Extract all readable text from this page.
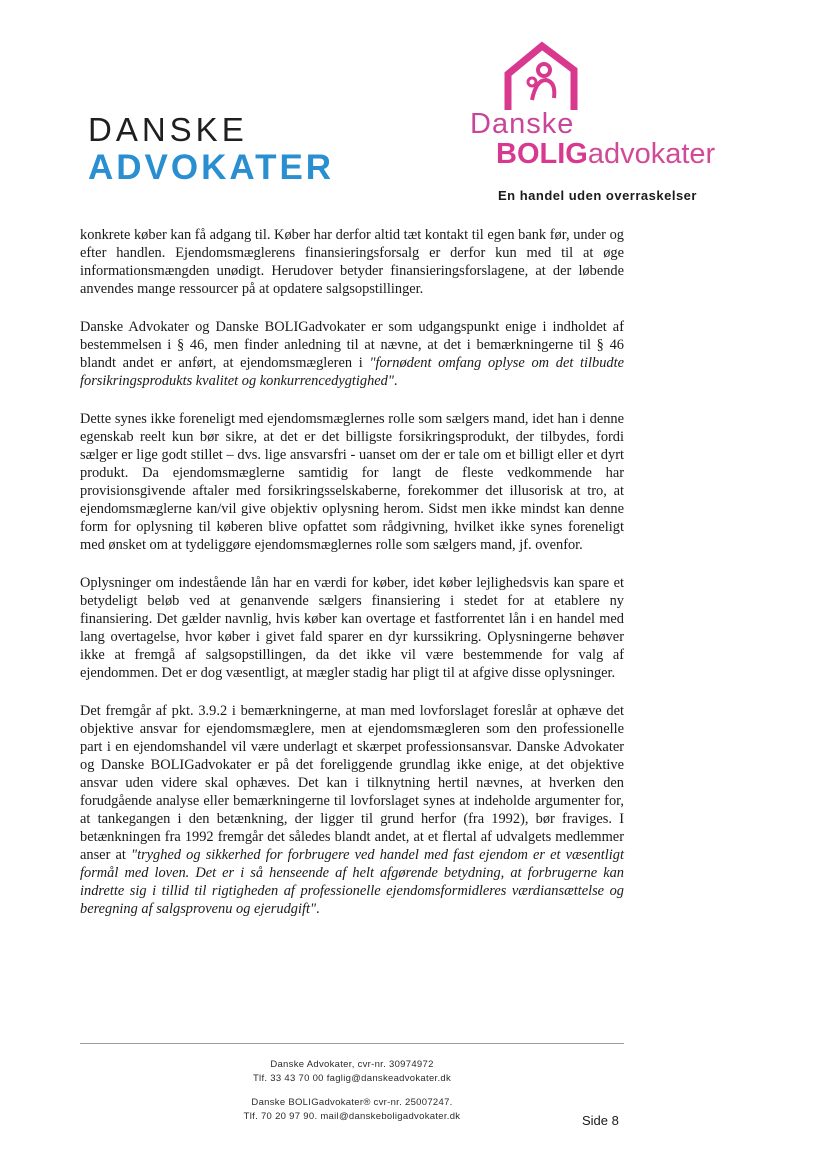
DANSKE
ADVOKATER
Danske
BOLIGadvokater
En handel uden overraskelser

konkrete køber kan få adgang til. Køber har derfor altid tæt kontakt til egen bank før, under og efter handlen. Ejendomsmæglerens finansieringsforsalg er derfor kun med til at øge informationsmængden unødigt. Herudover betyder finansieringsforslagene, at der løbende anvendes mange ressourcer på at opdatere salgsopstillinger.

Danske Advokater og Danske BOLIGadvokater er som udgangspunkt enige i indholdet af bestemmelsen i § 46, men finder anledning til at nævne, at det i bemærkningerne til § 46 blandt andet er anført, at ejendomsmægleren i "fornødent omfang oplyse om det tilbudte forsikringsprodukts kvalitet og konkurrencedygtighed".

Dette synes ikke foreneligt med ejendomsmæglernes rolle som sælgers mand, idet han i denne egenskab reelt kun bør sikre, at det er det billigste forsikringsprodukt, der tilbydes, fordi sælger er lige godt stillet – dvs. lige ansvarsfri - uanset om der er tale om et billigt eller et dyrt produkt. Da ejendomsmæglerne samtidig for langt de fleste vedkommende har provisionsgivende aftaler med forsikringsselskaberne, forekommer det illusorisk at tro, at ejendomsmæglerne kan/vil give objektiv oplysning herom. Sidst men ikke mindst kan denne form for oplysning til køberen blive opfattet som rådgivning, hvilket ikke synes foreneligt med ønsket om at tydeliggøre ejendomsmæglernes rolle som sælgers mand, jf. ovenfor.

Oplysninger om indestående lån har en værdi for køber, idet køber lejlighedsvis kan spare et betydeligt beløb ved at genanvende sælgers finansiering i stedet for at etablere ny finansiering. Det gælder navnlig, hvis køber kan overtage et fastforrentet lån i en handel med lang overtagelse, hvor køber i givet fald sparer en dyr kurssikring. Oplysningerne behøver ikke at fremgå af salgsopstillingen, da det ikke vil være bestemmende for valg af ejendommen. Det er dog væsentligt, at mægler stadig har pligt til at afgive disse oplysninger.

Det fremgår af pkt. 3.9.2 i bemærkningerne, at man med lovforslaget foreslår at ophæve det objektive ansvar for ejendomsmæglere, men at ejendomsmægleren som den professionelle part i en ejendomshandel vil være underlagt et skærpet professionsansvar. Danske Advokater og Danske BOLIGadvokater er på det foreliggende grundlag ikke enige, at det objektive ansvar uden videre skal ophæves. Det kan i tilknytning hertil nævnes, at hverken den forudgående analyse eller bemærkningerne til lovforslaget synes at indeholde argumenter for, at tankegangen i den betænkning, der ligger til grund herfor (fra 1992), bør fraviges. I betænkningen fra 1992 fremgår det således blandt andet, at et flertal af udvalgets medlemmer anser at "tryghed og sikkerhed for forbrugere ved handel med fast ejendom er et væsentligt formål med loven. Det er i så henseende af helt afgørende betydning, at forbrugerne kan indrette sig i tillid til rigtigheden af professionelle ejendomsformidleres værdiansættelse og beregning af salgsprovenu og ejerudgift".

Danske Advokater, cvr-nr. 30974972
Tlf. 33 43 70 00 faglig@danskeadvokater.dk
Danske BOLIGadvokater® cvr-nr. 25007247.
Tlf. 70 20 97 90. mail@danskeboligadvokater.dk	Side 8
